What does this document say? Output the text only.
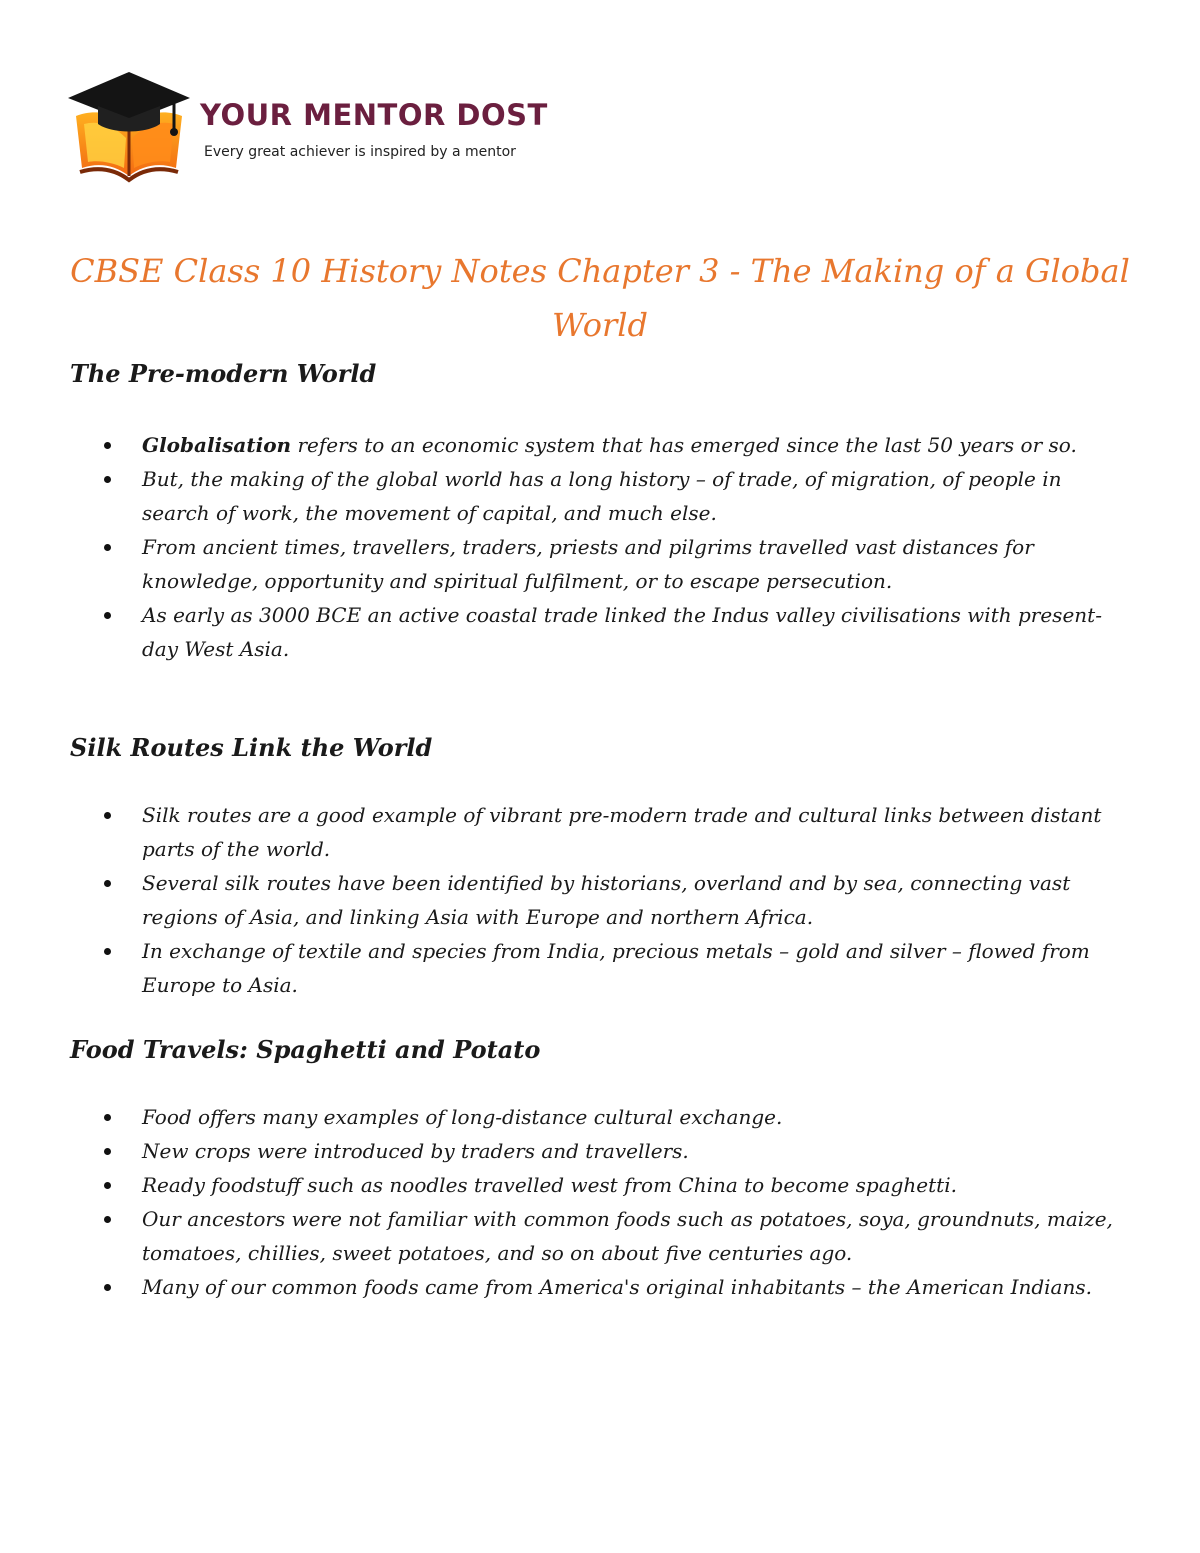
YOUR MENTOR DOST
Every great achiever is inspired by a mentor
CBSE Class 10 History Notes Chapter 3 - The Making of a Global World
The Pre-modern World
Globalisation refers to an economic system that has emerged since the last 50 years or so.
But, the making of the global world has a long history – of trade, of migration, of people in search of work, the movement of capital, and much else.
From ancient times, travellers, traders, priests and pilgrims travelled vast distances for knowledge, opportunity and spiritual fulfilment, or to escape persecution.
As early as 3000 BCE an active coastal trade linked the Indus valley civilisations with present-day West Asia.
Silk Routes Link the World
Silk routes are a good example of vibrant pre-modern trade and cultural links between distant parts of the world.
Several silk routes have been identified by historians, overland and by sea, connecting vast regions of Asia, and linking Asia with Europe and northern Africa.
In exchange of textile and species from India, precious metals – gold and silver – flowed from Europe to Asia.
Food Travels: Spaghetti and Potato
Food offers many examples of long-distance cultural exchange.
New crops were introduced by traders and travellers.
Ready foodstuff such as noodles travelled west from China to become spaghetti.
Our ancestors were not familiar with common foods such as potatoes, soya, groundnuts, maize, tomatoes, chillies, sweet potatoes, and so on about five centuries ago.
Many of our common foods came from America's original inhabitants – the American Indians.
